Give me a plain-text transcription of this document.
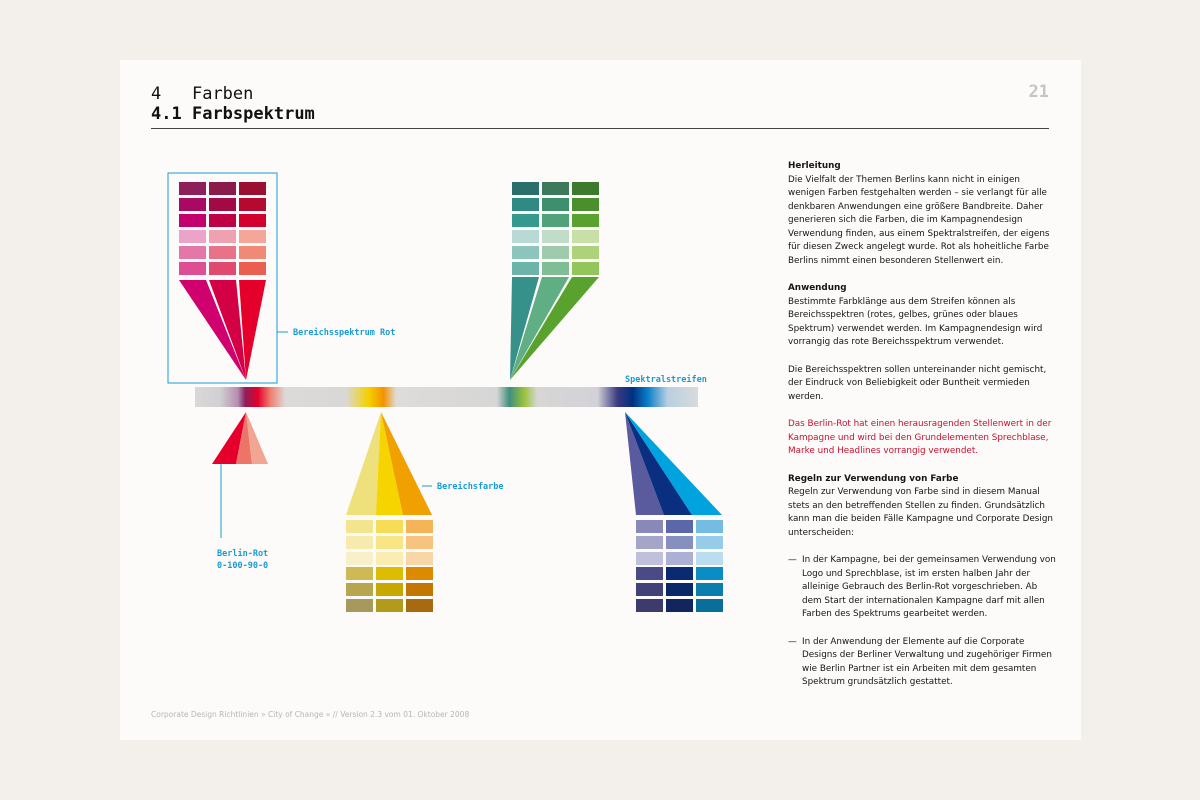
4 Farben
4.1 Farbspektrum
21
Bereichsspektrum Rot
Spektralstreifen
Berlin-Rot
0-100-90-0
Bereichsfarbe

Herleitung
Die Vielfalt der Themen Berlins kann nicht in einigen wenigen Farben festgehalten werden – sie verlangt für alle denkbaren Anwendungen eine größere Bandbreite. Daher generieren sich die Farben, die im Kampagnendesign Verwendung finden, aus einem Spektralstreifen, der eigens für diesen Zweck angelegt wurde. Rot als hoheitliche Farbe Berlins nimmt einen besonderen Stellenwert ein.

Anwendung
Bestimmte Farbklänge aus dem Streifen können als Bereichsspektren (rotes, gelbes, grünes oder blaues Spektrum) verwendet werden. Im Kampagnendesign wird vorrangig das rote Bereichsspektrum verwendet.

Die Bereichsspektren sollen untereinander nicht gemischt, der Eindruck von Beliebigkeit oder Buntheit vermieden werden.

Das Berlin-Rot hat einen herausragenden Stellenwert in der Kampagne und wird bei den Grundelementen Sprechblase, Marke und Headlines vorrangig verwendet.

Regeln zur Verwendung von Farbe
Regeln zur Verwendung von Farbe sind in diesem Manual stets an den betreffenden Stellen zu finden. Grundsätzlich kann man die beiden Fälle Kampagne und Corporate Design unterscheiden:

— In der Kampagne, bei der gemeinsamen Verwendung von Logo und Sprechblase, ist im ersten halben Jahr der alleinige Gebrauch des Berlin-Rot vorgeschrieben. Ab dem Start der internationalen Kampagne darf mit allen Farben des Spektrums gearbeitet werden.
— In der Anwendung der Elemente auf die Corporate Designs der Berliner Verwaltung und zugehöriger Firmen wie Berlin Partner ist ein Arbeiten mit dem gesamten Spektrum grundsätzlich gestattet.
Corporate Design Richtlinien » City of Change « // Version 2.3 vom 01. Oktober 2008
